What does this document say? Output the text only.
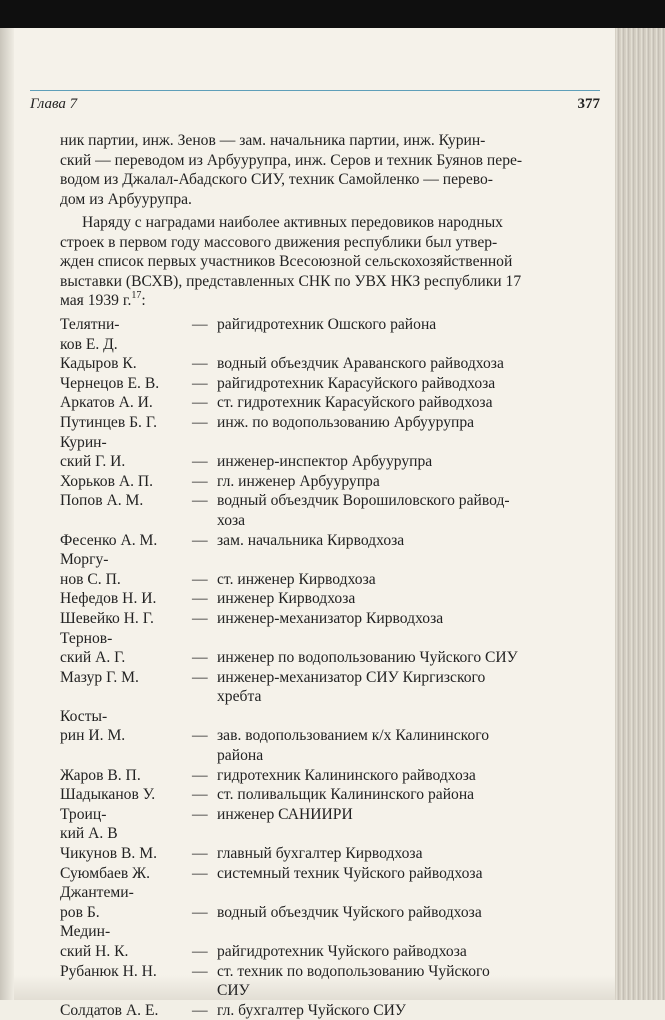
Глава 7	377
ник партии, инж. Зенов — зам. начальника партии, инж. Курин-
ский — переводом из Арбуурупра, инж. Серов и техник Буянов пере-
водом из Джалал-Абадского СИУ, техник Самойленко — перево-
дом из Арбуурупра.
Наряду с наградами наиболее активных передовиков народных
строек в первом году массового движения республики был утвер-
жден список первых участников Всесоюзной сельскохозяйственной
выставки (ВСХВ), представленных СНК по УВХ НКЗ республики 17
мая 1939 г.$^{17}$:
Телятни-	— райгидротехник Ошского района
ков Е. Д.
Кадыров К.	— водный объездчик Араванского райводхоза
Чернецов Е. В. — райгидротехник Карасуйского райводхоза
Аркатов А. И.	— ст. гидротехник Карасуйского райводхоза
Путинцев Б. Г. — инж. по водопользованию Арбуурупра
Курин-
ский Г. И.	— инженер-инспектор Арбуурупра
Хорьков А. П. — гл. инженер Арбуурупра
Попов А. М.	— водный объездчик Ворошиловского райвод-
хоза
Фесенко А. М. — зам. начальника Кирводхоза
Моргу-
нов С. П.	— ст. инженер Кирводхоза
Нефедов Н. И. — инженер Кирводхоза
Шевейко Н. Г. — инженер-механизатор Кирводхоза
Тернов-
ский А. Г.	— инженер по водопользованию Чуйского СИУ
Мазур Г. М.	— инженер-механизатор СИУ Киргизского
хребта
Косты-
рин И. М.	— зав. водопользованием к/х Калининского
района
Жаров В. П.	— гидротехник Калининского райводхоза
Шадыканов У. — ст. поливальщик Калининского района
Троиц-	— инженер САНИИРИ
кий А. В
Чикунов В. М. — главный бухгалтер Кирводхоза
Суюмбаев Ж.	— системный техник Чуйского райводхоза
Джантеми-
ров Б.	— водный объездчик Чуйского райводхоза
Медин-
ский Н. К.	— райгидротехник Чуйского райводхоза
Рубанюк Н. Н. — ст. техник по водопользованию Чуйского
СИУ
Солдатов А. Е. — гл. бухгалтер Чуйского СИУ
